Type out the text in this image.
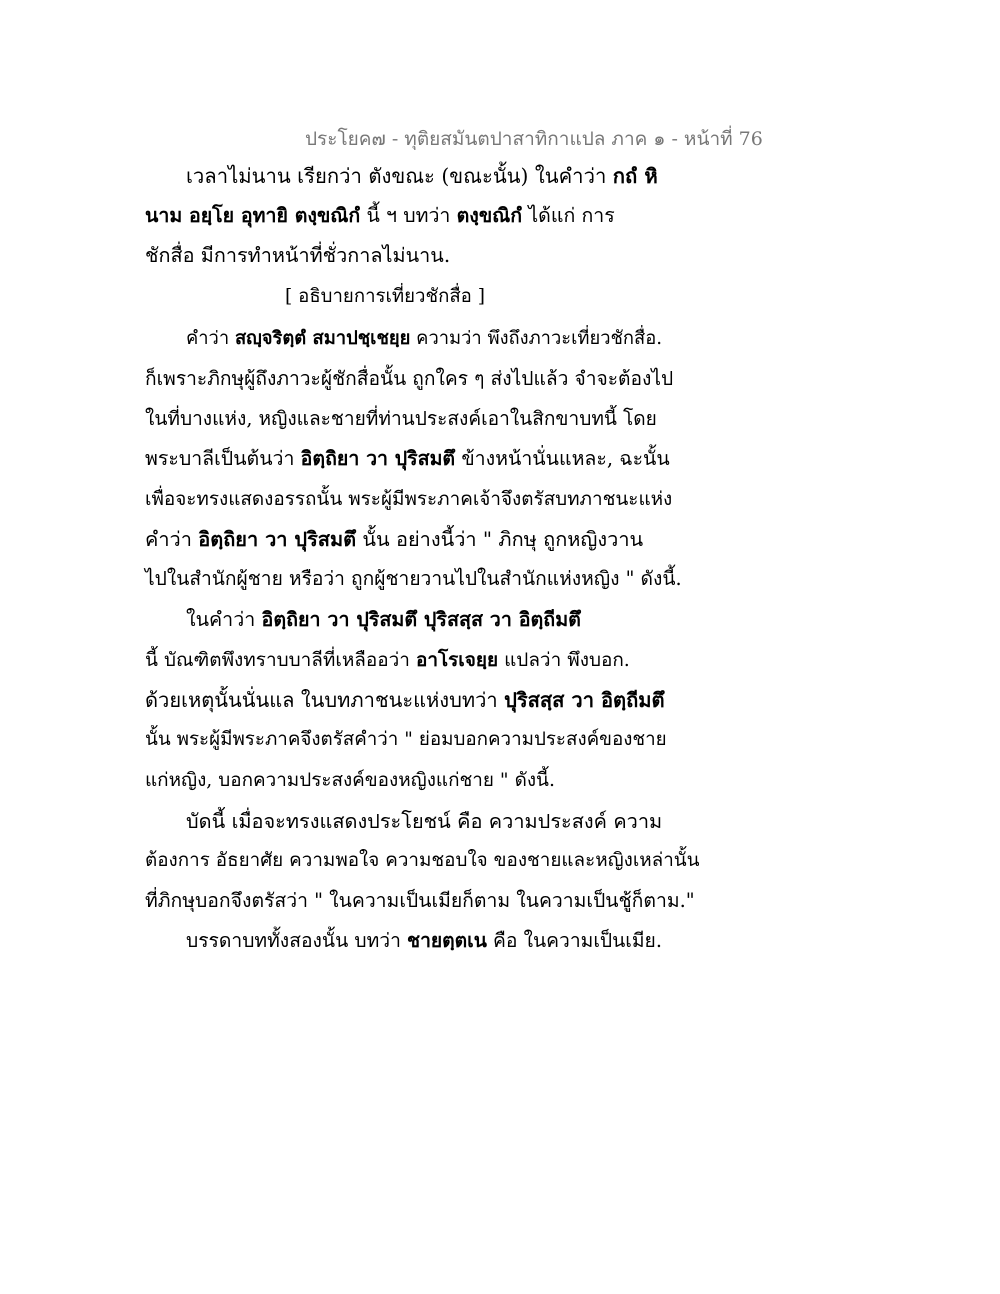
ประโยค๗ - ทุติยสมันตปาสาทิกาแปล ภาค ๑ - หน้าที่ 76
เวลาไม่นาน เรียกว่า ตังขณะ (ขณะนั้น) ในคำว่า กถํ หิ
นาม อยฺโย อุทายิ ตงฺขณิกํ นี้ ฯ บทว่า ตงฺขณิกํ ได้แก่ การ
ชักสื่อ มีการทำหน้าที่ชั่วกาลไม่นาน.
[ อธิบายการเที่ยวชักสื่อ ]
คำว่า สญฺจริตฺตํ สมาปชฺเชยฺย ความว่า พึงถึงภาวะเที่ยวชักสื่อ.
ก็เพราะภิกษุผู้ถึงภาวะผู้ชักสื่อนั้น ถูกใคร ๆ ส่งไปแล้ว จำจะต้องไป
ในที่บางแห่ง, หญิงและชายที่ท่านประสงค์เอาในสิกขาบทนี้ โดย
พระบาลีเป็นต้นว่า อิตฺถิยา วา ปุริสมตึ ข้างหน้านั่นแหละ, ฉะนั้น
เพื่อจะทรงแสดงอรรถนั้น พระผู้มีพระภาคเจ้าจึงตรัสบทภาชนะแห่ง
คำว่า อิตฺถิยา วา ปุริสมตึ นั้น อย่างนี้ว่า " ภิกษุ ถูกหญิงวาน
ไปในสำนักผู้ชาย หรือว่า ถูกผู้ชายวานไปในสำนักแห่งหญิง " ดังนี้.
ในคำว่า อิตฺถิยา วา ปุริสมตึ ปุริสสฺส วา อิตฺถีมตึ
นี้ บัณฑิตพึงทราบบาลีที่เหลืออว่า อาโรเจยฺย แปลว่า พึงบอก.
ด้วยเหตุนั้นนั่นแล ในบทภาชนะแห่งบทว่า ปุริสสฺส วา อิตฺถีมตึ
นั้น พระผู้มีพระภาคจึงตรัสคำว่า " ย่อมบอกความประสงค์ของชาย
แก่หญิง, บอกความประสงค์ของหญิงแก่ชาย " ดังนี้.
บัดนี้ เมื่อจะทรงแสดงประโยชน์ คือ ความประสงค์ ความ
ต้องการ อัธยาศัย ความพอใจ ความชอบใจ ของชายและหญิงเหล่านั้น
ที่ภิกษุบอกจึงตรัสว่า " ในความเป็นเมียก็ตาม ในความเป็นชู้ก็ตาม."
บรรดาบททั้งสองนั้น บทว่า ชายตฺตเน คือ ในความเป็นเมีย.
